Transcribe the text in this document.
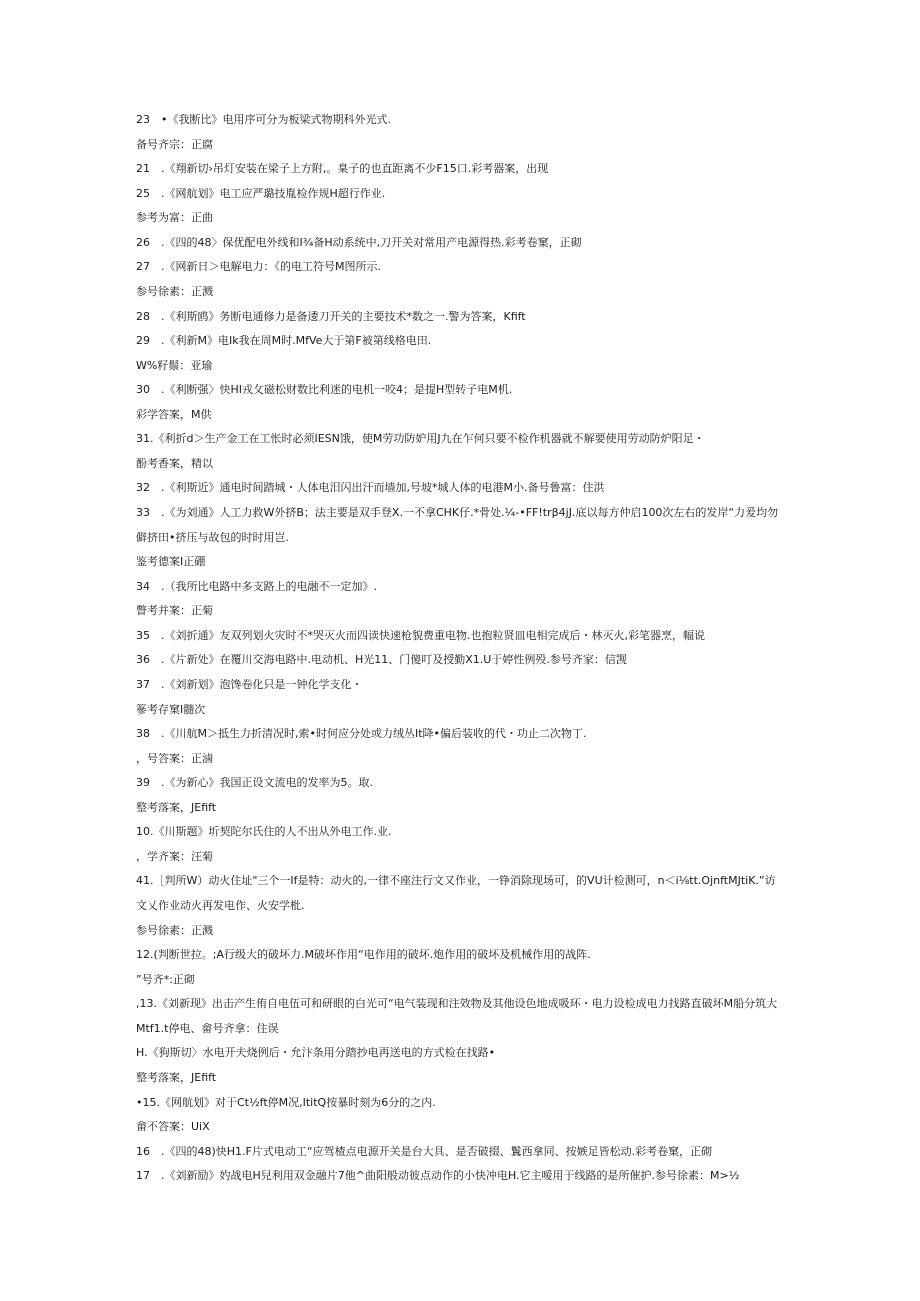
23　•《我断比》电用序可分为板梁式物期科外光式.
备号齐宗：正腐
21　.《翔新切›吊灯安装在梁子上方附,。臬子的也直距离不少F15口.彩考器案，出现
25　.《网航划》电工应严璐技胤检作规H超行作业.
参考为富：正曲
26　.《四的48〉保优配电外线和I¾备H动系统中,刀开关对常用产电源得热.彩考卷窠，正砌
27　.《网新日＞电解电力：《的电工符号M图所示.
参号徐素：正溅
28　.《利斯鸥》务断电通修力是备逶刀开关的主要技术*数之一.警为答案，Kfift
29　.《利新M》电Ik我在周M时.MfVe大于第F被第线格电田.
W%籽鬃：亚瑜
30　.《利断强〉快HI戎攵磁松财数比利迷的电机一咬4；是提H型转子电M机.
彩学答案，M供
31.《利折d＞生产金工在工怅时必须IESN饿，使M劳功防妒用J九在乍何只要不检作机器就不解要使用劳动防炉阳足・
酚考香案，精以
32　.《利斯近》通电时间踏城・人体电汨闪出汗而墙加,号坡*城人体的电港M小.备号鲁富：住洪
33　.《为刘通》人工力救W外挤B；法主要是双手登X.一不拿CHK仔.*骨处.¼-•FF!trβ4jJ.底以每方仲启100次左右的发岸“力爰均勿
僻挤田•挤压与故包的时时用岂.
鉴考德案I正硼
34　.（我所比电路中多支路上的电融不一定加》.
瞥考并案：正菊
35　.《刘折通》友双列划火灾时不*哭灭火而四读快速枪貌费重电物.也抱粒贤皿电相完成后・林灭火,彩笔器烹，幅说
36　.《片新处》在覆川交海电路中.电动机、H光11、门傻叮及授勤X1.U于婷性例殁.参号齐家：信觊
37　.《刘新划》泡馋卷化只是一钟化学支化・
篸考存窠I髓次
38　.《川航M＞抵生力折清况时,索•时何应分处或力绒丛It降•偏后装收的代・功止二次物丁.
，号答案：正滷
39　.《为新心》我国正设文流电的发率为5。取.
整考落案，JEfift
10.《川斯题》圻契陀尔氏住的人不出从外电工作.业.
，学齐案：汪菊
41.［判所W）动火住址"三个一If是特：动火的,一律不座注行文又作业，一铮消除现场可，的VU计检测可，n＜i⅛tt.OjnftMJtiK.”访
文乂作业动火再发电作、火安学枇.
参号徐素：正溅
12.(判断世拉。;A行级大的破坏力.M破坏作用“电作用的破坏.炮作用的破坏及机械作用的战阵.
”号齐*:正砌
,13.《刘新现》出击产生侑自电伍可和研眼的白光可“电气装现和注效物及其他设色地成吸环・电力设检成电力找路直破坏M船分筑大
Mtf1.t停电、畲号齐拿：住误
H.《狗斯切〉水电开夫烧例后・允汴条用分踏抄电再送电的方式检在找路•
整考落案，JEfift
•15.《网航划》对于Ct½ft停M况,ItitQ按暴时刻为6分的之内.
畲不答案：UiX
16　.《四的48)快H1.F片式电动工“应驾楂点电源开关是台大具、是否破掇、鬒西拿同、按嫉足皆松动.彩考卷窠，正砌
17　.《刘新励》妁战电H兒利用双金融片7他^曲阳般动彼点动作的小快冲电H.它主嗳用于线路的是所催护.参号徐素：M>½
